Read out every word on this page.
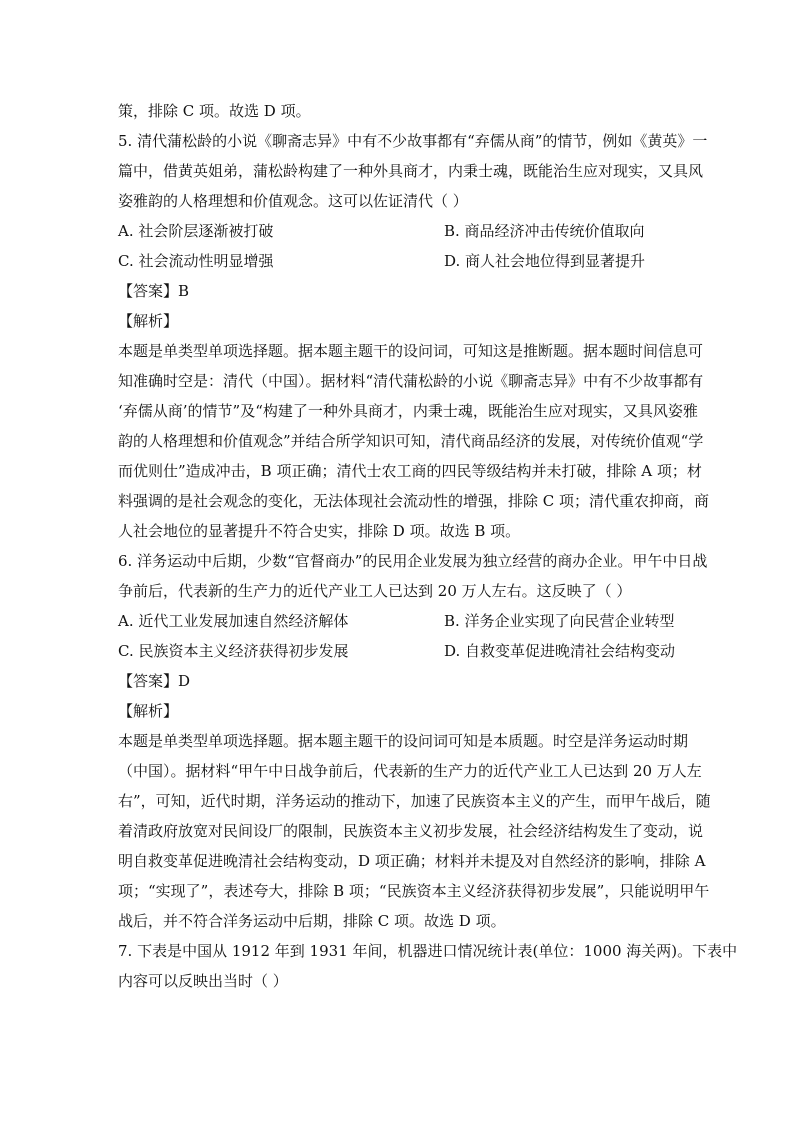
策，排除 C 项。故选 D 项。
5. 清代蒲松龄的小说《聊斋志异》中有不少故事都有“弃儒从商”的情节，例如《黄英》一
篇中，借黄英姐弟，蒲松龄构建了一种外具商才，内秉士魂，既能治生应对现实，又具风
姿雅韵的人格理想和价值观念。这可以佐证清代（ ）
A. 社会阶层逐渐被打破	B. 商品经济冲击传统价值取向
C. 社会流动性明显增强	D. 商人社会地位得到显著提升
【答案】B
【解析】
本题是单类型单项选择题。据本题主题干的设问词，可知这是推断题。据本题时间信息可
知准确时空是：清代（中国）。据材料“清代蒲松龄的小说《聊斋志异》中有不少故事都有
‘弃儒从商’的情节”及“构建了一种外具商才，内秉士魂，既能治生应对现实，又具风姿雅
韵的人格理想和价值观念”并结合所学知识可知，清代商品经济的发展，对传统价值观“学
而优则仕”造成冲击，B 项正确；清代士农工商的四民等级结构并未打破，排除 A 项；材
料强调的是社会观念的变化，无法体现社会流动性的增强，排除 C 项；清代重农抑商，商
人社会地位的显著提升不符合史实，排除 D 项。故选 B 项。
6. 洋务运动中后期，少数“官督商办”的民用企业发展为独立经营的商办企业。甲午中日战
争前后，代表新的生产力的近代产业工人已达到 20 万人左右。这反映了（ ）
A. 近代工业发展加速自然经济解体	B. 洋务企业实现了向民营企业转型
C. 民族资本主义经济获得初步发展	D. 自救变革促进晚清社会结构变动
【答案】D
【解析】
本题是单类型单项选择题。据本题主题干的设问词可知是本质题。时空是洋务运动时期
（中国）。据材料“甲午中日战争前后，代表新的生产力的近代产业工人已达到 20 万人左
右”，可知，近代时期，洋务运动的推动下，加速了民族资本主义的产生，而甲午战后，随
着清政府放宽对民间设厂的限制，民族资本主义初步发展，社会经济结构发生了变动，说
明自救变革促进晚清社会结构变动，D 项正确；材料并未提及对自然经济的影响，排除 A
项；“实现了”，表述夸大，排除 B 项；“民族资本主义经济获得初步发展”，只能说明甲午
战后，并不符合洋务运动中后期，排除 C 项。故选 D 项。
7. 下表是中国从 1912 年到 1931 年间，机器进口情况统计表(单位：1000 海关两)。下表中
内容可以反映出当时（ ）
